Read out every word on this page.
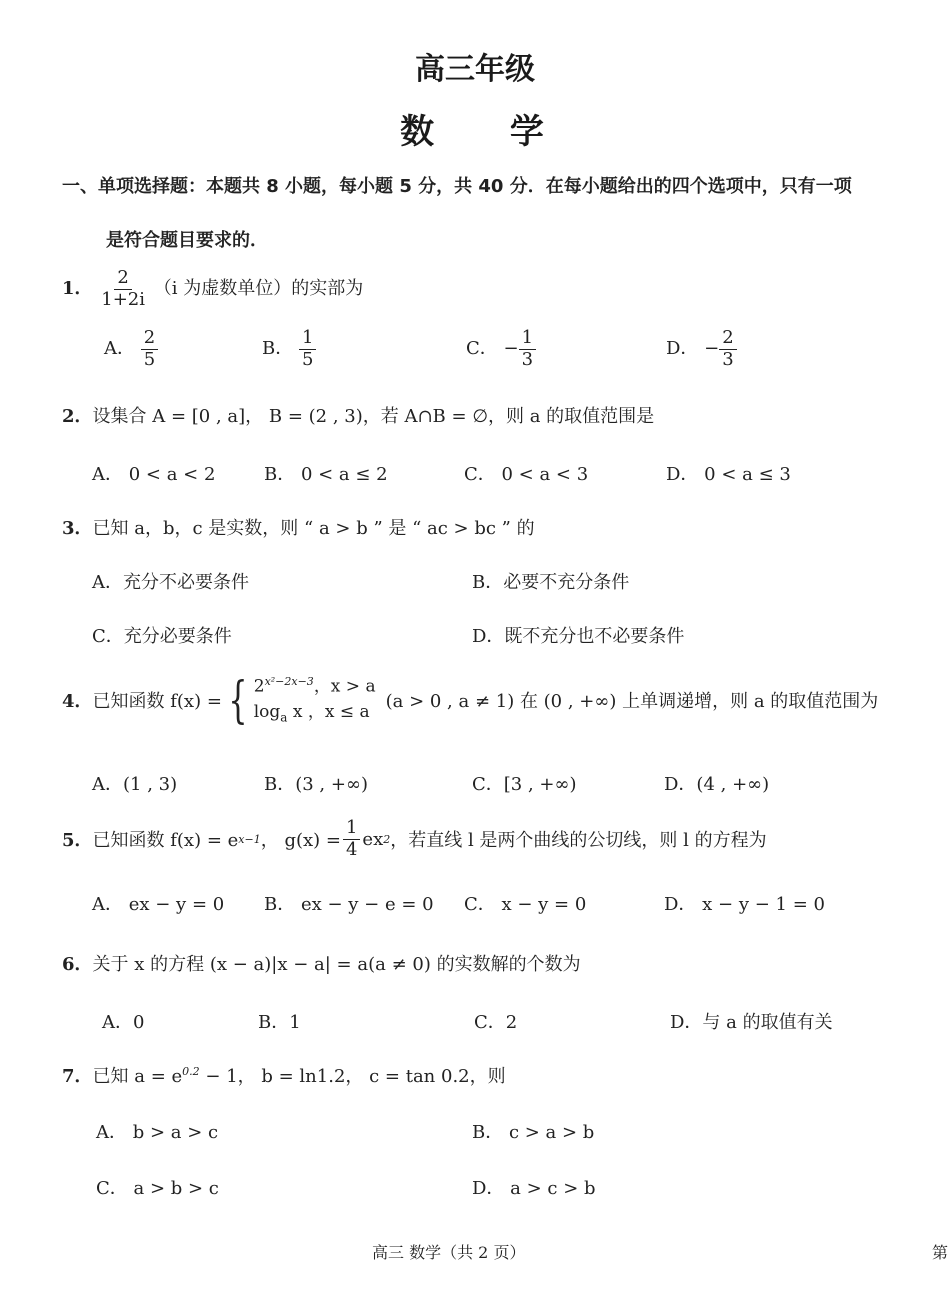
高三年级
数 学
一、单项选择题：本题共 8 小题，每小题 5 分，共 40 分．在每小题给出的四个选项中，只有一项
是符合题目要求的．
1． $\frac{2}{1+2i} (i$ 为虚数单位）的实部为
A． $\frac{2}{5}$	B． $\frac{1}{5}$	C． − $\frac{1}{3}$	D． − $\frac{2}{3}$
2．设集合 A = [0 , a]， B = (2 , 3)，若 A∩B = ∅，则 a 的取值范围是
A． 0 < a < 2	B． 0 < a ≤ 2	C． 0 < a < 3	D． 0 < a ≤ 3
3．已知 a，b，c 是实数，则 “ a > b ” 是 “ ac > bc ” 的
A．充分不必要条件	B．必要不充分条件
C．充分必要条件	D．既不充分也不必要条件
4． 已知函数 f(x) = { $2^{x^2-2x-3}$，x > a
$\log_a x$ ，x ≤ a (a > 0 , a ≠ 1) 在 (0 , +∞) 上单调递增，则 a 的取值范围为
A．(1 , 3)	B．(3 , +∞)	C．[3 , +∞)	D．(4 , +∞)
5． 已知函数 f(x) = e x−1 ， $g(x) = \frac{1}{4}$ ex 2 ，若直线 l 是两个曲线的公切线，则 l 的方程为
A． ex − y = 0 B． ex − y − e = 0 C． x − y = 0	D． x − y − 1 = 0
6．关于 x 的方程 (x − a)|x − a| = a(a ≠ 0) 的实数解的个数为
A．0	B．1	C．2	D．与 a 的取值有关
7．已知 $a = e^{0.2} - 1$， b = ln1.2， c = tan 0.2，则
A． b > a > c	B． c > a > b
C． a > b > c	D． a > c > b
高三 数学（共 2 页）	第
